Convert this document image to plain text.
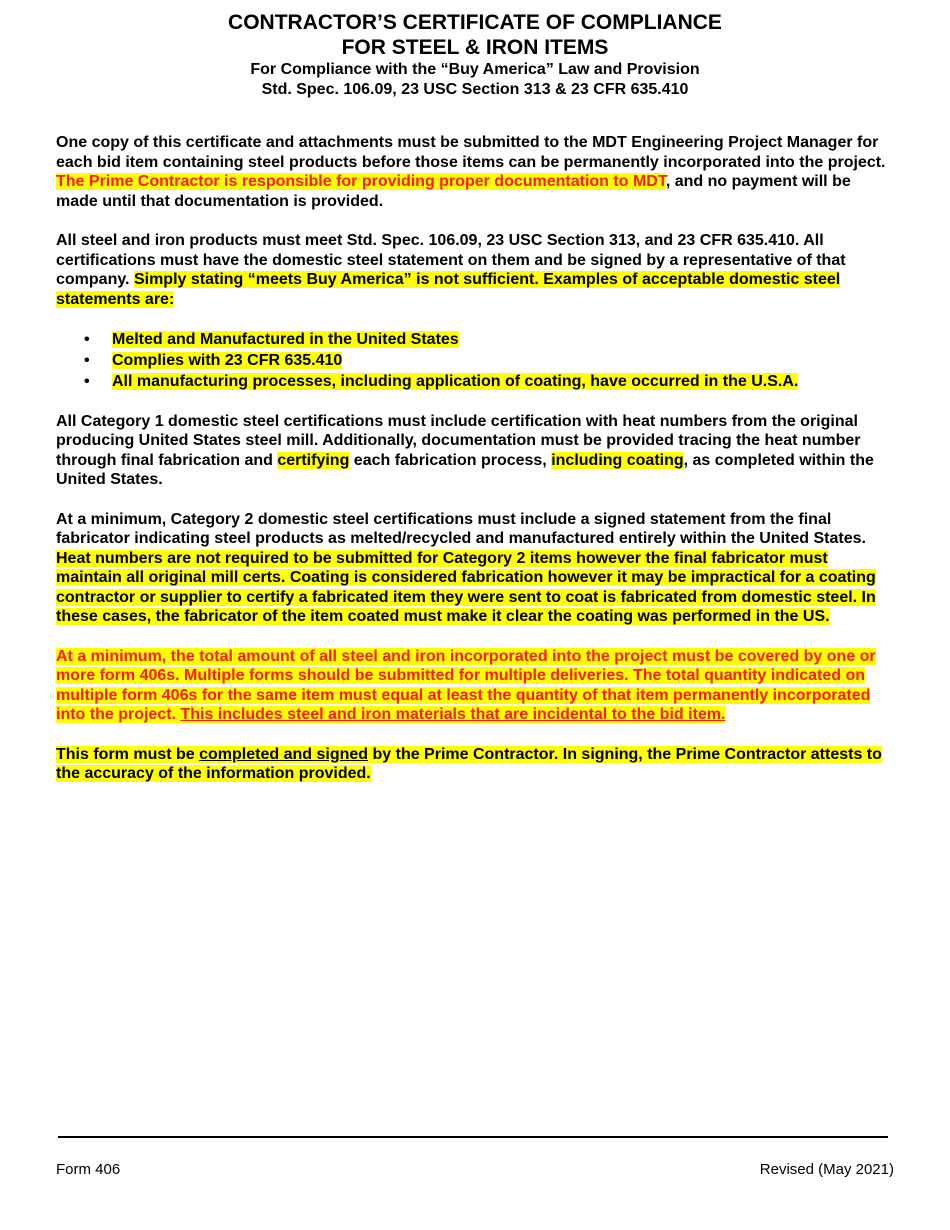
CONTRACTOR’S CERTIFICATE OF COMPLIANCE

FOR STEEL & IRON ITEMS

For Compliance with the “Buy America” Law and Provision

Std. Spec. 106.09, 23 USC Section 313 & 23 CFR 635.410

One copy of this certificate and attachments must be submitted to the MDT Engineering Project Manager for each bid item containing steel products before those items can be permanently incorporated into the project. The Prime Contractor is responsible for providing proper documentation to MDT, and no payment will be made until that documentation is provided.

All steel and iron products must meet Std. Spec. 106.09, 23 USC Section 313, and 23 CFR 635.410. All certifications must have the domestic steel statement on them and be signed by a representative of that company. Simply stating “meets Buy America” is not sufficient. Examples of acceptable domestic steel statements are:

• Melted and Manufactured in the United States
• Complies with 23 CFR 635.410
• All manufacturing processes, including application of coating, have occurred in the U.S.A.

All Category 1 domestic steel certifications must include certification with heat numbers from the original producing United States steel mill. Additionally, documentation must be provided tracing the heat number through final fabrication and certifying each fabrication process, including coating, as completed within the United States.

At a minimum, Category 2 domestic steel certifications must include a signed statement from the final fabricator indicating steel products as melted/recycled and manufactured entirely within the United States. Heat numbers are not required to be submitted for Category 2 items however the final fabricator must maintain all original mill certs. Coating is considered fabrication however it may be impractical for a coating contractor or supplier to certify a fabricated item they were sent to coat is fabricated from domestic steel. In these cases, the fabricator of the item coated must make it clear the coating was performed in the US.

At a minimum, the total amount of all steel and iron incorporated into the project must be covered by one or more form 406s. Multiple forms should be submitted for multiple deliveries. The total quantity indicated on multiple form 406s for the same item must equal at least the quantity of that item permanently incorporated into the project. This includes steel and iron materials that are incidental to the bid item.

This form must be completed and signed by the Prime Contractor. In signing, the Prime Contractor attests to the accuracy of the information provided.

Form 406	Revised (May 2021)
